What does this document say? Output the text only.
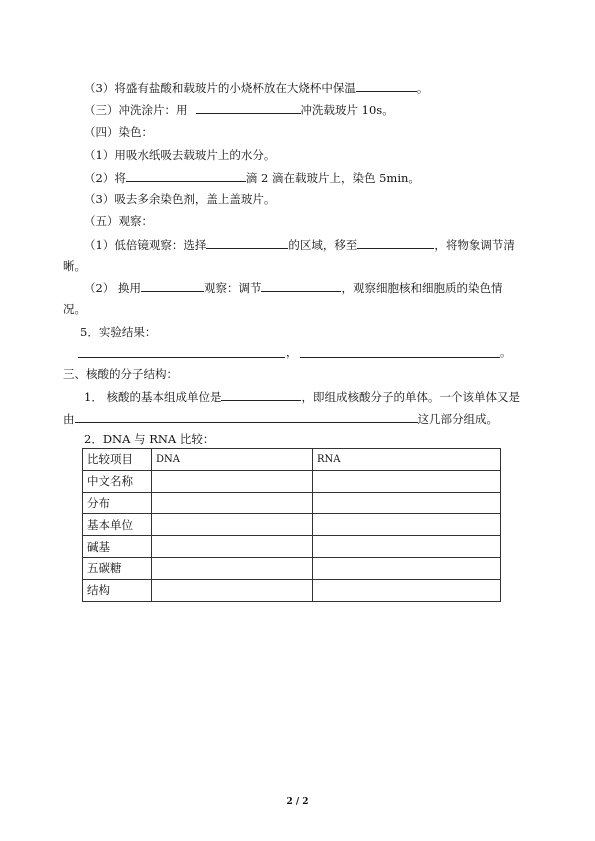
（3）将盛有盐酸和载玻片的小烧杯放在大烧杯中保温	。
（三）冲洗涂片：用	冲洗载玻片 10s。
（四）染色：
（1）用吸水纸吸去载玻片上的水分。
（2）将	滴 2 滴在载玻片上，染色 5min。
（3）吸去多余染色剂，盖上盖玻片。
（五）观察：
（1）低倍镜观察：选择	的区域，移至	，将物象调节清
晰。
（2） 换用	观察：调节	，观察细胞核和细胞质的染色情
况。
5．实验结果：
，	。
三、核酸的分子结构：
1． 核酸的基本组成单位是	，即组成核酸分子的单体。一个该单体又是
由	这几部分组成。
2．DNA 与 RNA 比较：
比较项目	DNA	RNA
中文名称		
分布		
基本单位		
碱基		
五碳糖		
结构		
2 / 2
